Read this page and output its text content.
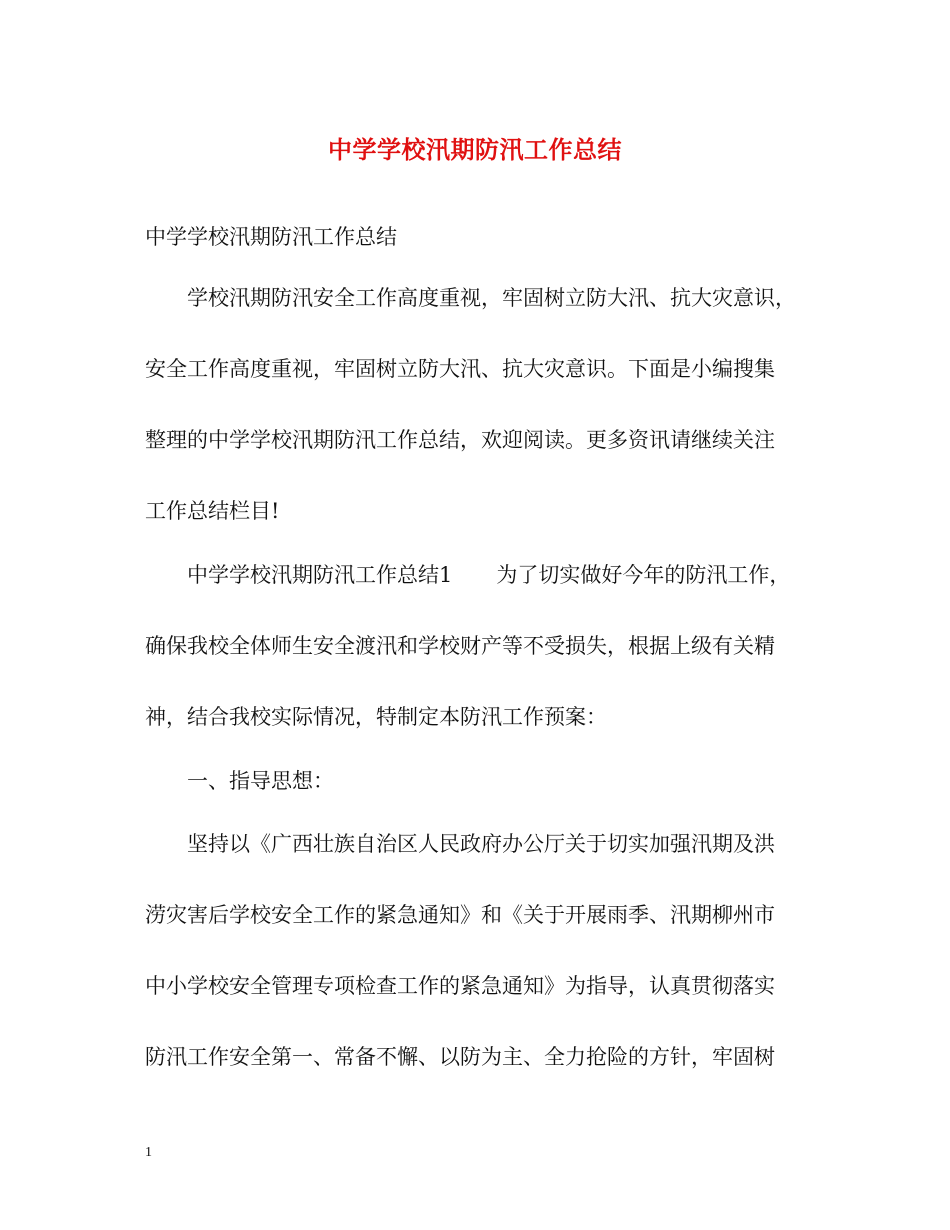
中学学校汛期防汛工作总结
中学学校汛期防汛工作总结
学校汛期防汛安全工作高度重视，牢固树立防大汛、抗大灾意识，
安全工作高度重视，牢固树立防大汛、抗大灾意识。下面是小编搜集
整理的中学学校汛期防汛工作总结，欢迎阅读。更多资讯请继续关注
工作总结栏目!
中学学校汛期防汛工作总结1 为了切实做好今年的防汛工作，
确保我校全体师生安全渡汛和学校财产等不受损失，根据上级有关精
神，结合我校实际情况，特制定本防汛工作预案：
一、指导思想：
坚持以《广西壮族自治区人民政府办公厅关于切实加强汛期及洪
涝灾害后学校安全工作的紧急通知》和《关于开展雨季、汛期柳州市
中小学校安全管理专项检查工作的紧急通知》为指导，认真贯彻落实
防汛工作安全第一、常备不懈、以防为主、全力抢险的方针，牢固树
1
